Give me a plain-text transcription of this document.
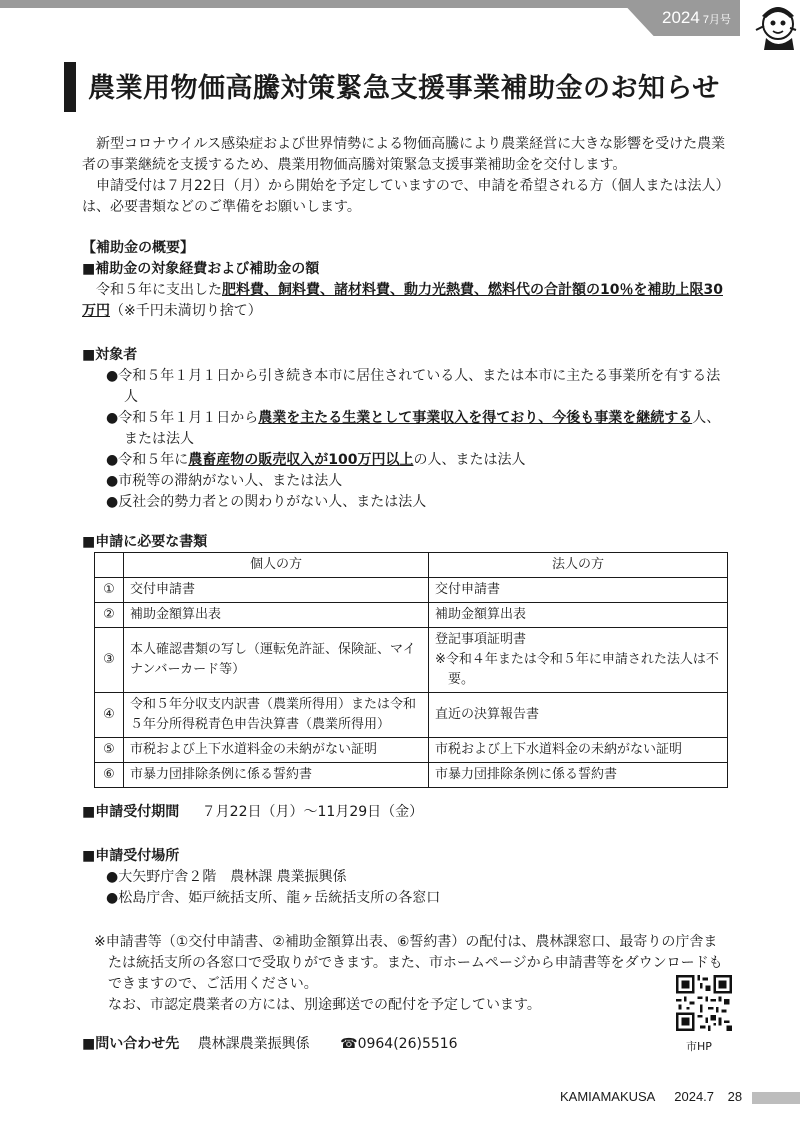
2024 7月号
農業用物価高騰対策緊急支援事業補助金のお知らせ
新型コロナウイルス感染症および世界情勢による物価高騰により農業経営に大きな影響を受けた農業者の事業継続を支援するため、農業用物価高騰対策緊急支援事業補助金を交付します。
申請受付は７月22日（月）から開始を予定していますので、申請を希望される方（個人または法人）は、必要書類などのご準備をお願いします。
【補助金の概要】
■補助金の対象経費および補助金の額
令和５年に支出した肥料費、飼料費、諸材料費、動力光熱費、燃料代の合計額の10％を補助上限30万円（※千円未満切り捨て）
■対象者
●令和５年１月１日から引き続き本市に居住されている人、または本市に主たる事業所を有する法人
●令和５年１月１日から農業を主たる生業として事業収入を得ており、今後も事業を継続する人、または法人
●令和５年に農畜産物の販売収入が100万円以上の人、または法人
●市税等の滞納がない人、または法人
●反社会的勢力者との関わりがない人、または法人
■申請に必要な書類
	個人の方	法人の方
①	交付申請書	交付申請書
②	補助金額算出表	補助金額算出表
③	本人確認書類の写し（運転免許証、保険証、マイナンバーカード等）	登記事項証明書
※令和４年または令和５年に申請された法人は不要。

④	令和５年分収支内訳書（農業所得用）または令和５年分所得税青色申告決算書（農業所得用）	直近の決算報告書
⑤	市税および上下水道料金の未納がない証明	市税および上下水道料金の未納がない証明
⑥	市暴力団排除条例に係る誓約書	市暴力団排除条例に係る誓約書
■申請受付期間 ７月22日（月）～11月29日（金）
■申請受付場所
●大矢野庁舎２階　農林課 農業振興係
●松島庁舎、姫戸統括支所、龍ヶ岳統括支所の各窓口
※申請書等（①交付申請書、②補助金額算出表、⑥誓約書）の配付は、農林課窓口、最寄りの庁舎または統括支所の各窓口で受取りができます。また、市ホームページから申請書等をダウンロードもできますので、ご活用ください。
なお、市認定農業者の方には、別途郵送での配付を予定しています。
市HP
■問い合わせ先 農林課農業振興係 ☎0964(26)5516
KAMIAMAKUSA 2024.7 28
